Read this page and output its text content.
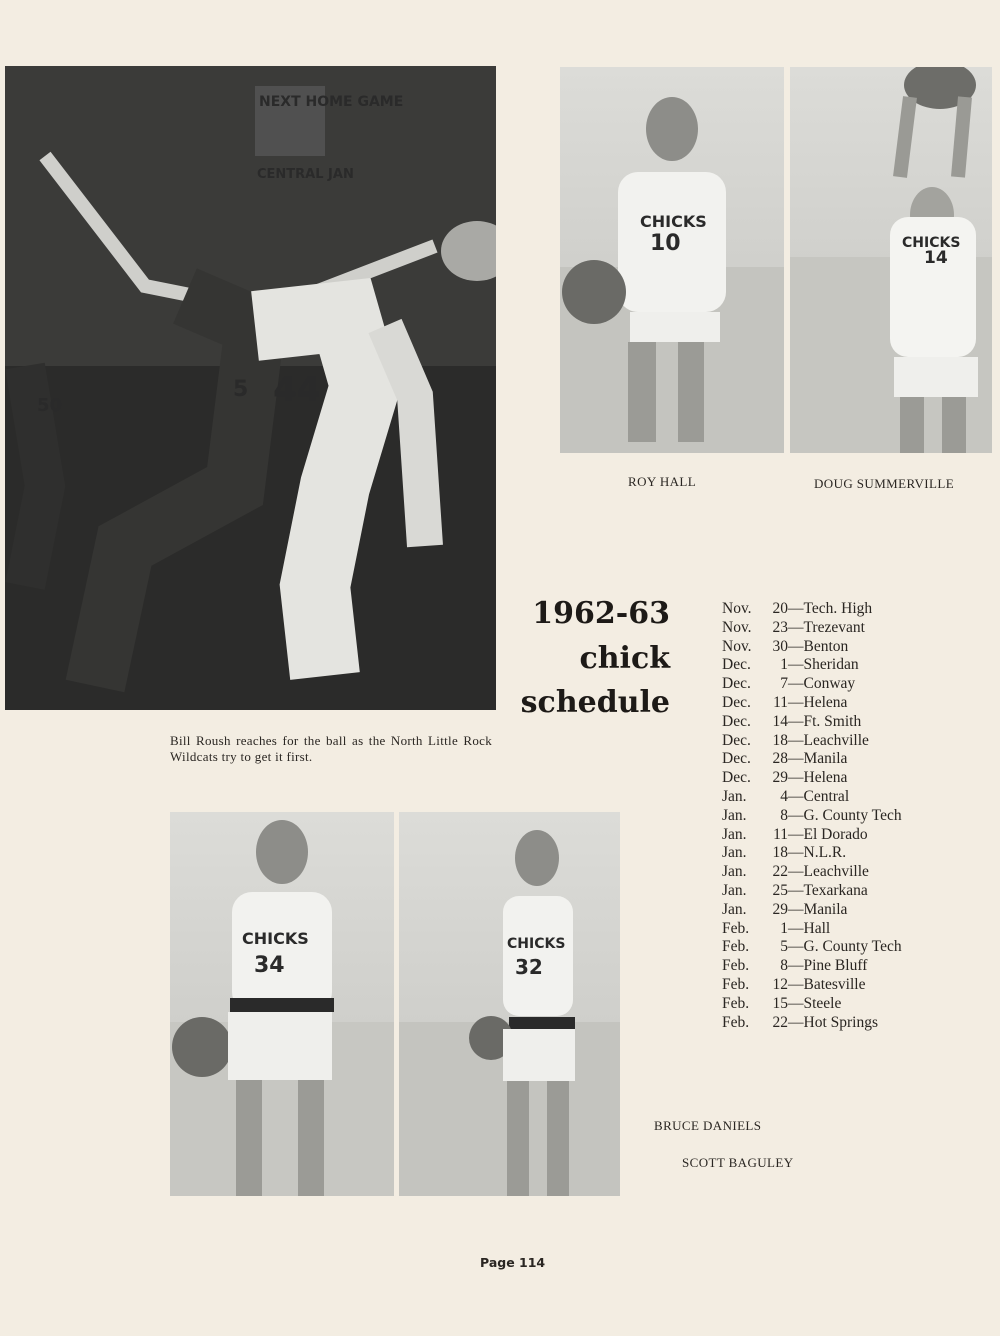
NEXT HOME GAME
CENTRAL JAN
44
5
50
Bill Roush reaches for the ball as the North Little Rock Wildcats try to get it first.
CHICKS
10
ROY HALL
CHICKS
14
DOUG SUMMERVILLE
1962-63
chick
schedule
Nov. 20—Tech. High
Nov. 23—Trezevant
Nov. 30—Benton
Dec. 1—Sheridan
Dec. 7—Conway
Dec. 11—Helena
Dec. 14—Ft. Smith
Dec. 18—Leachville
Dec. 28—Manila
Dec. 29—Helena
Jan. 4—Central
Jan. 8—G. County Tech
Jan. 11—El Dorado
Jan. 18—N.L.R.
Jan. 22—Leachville
Jan. 25—Texarkana
Jan. 29—Manila
Feb. 1—Hall
Feb. 5—G. County Tech
Feb. 8—Pine Bluff
Feb. 12—Batesville
Feb. 15—Steele
Feb. 22—Hot Springs
CHICKS
34
CHICKS
32
BRUCE DANIELS
SCOTT BAGULEY
Page 114
